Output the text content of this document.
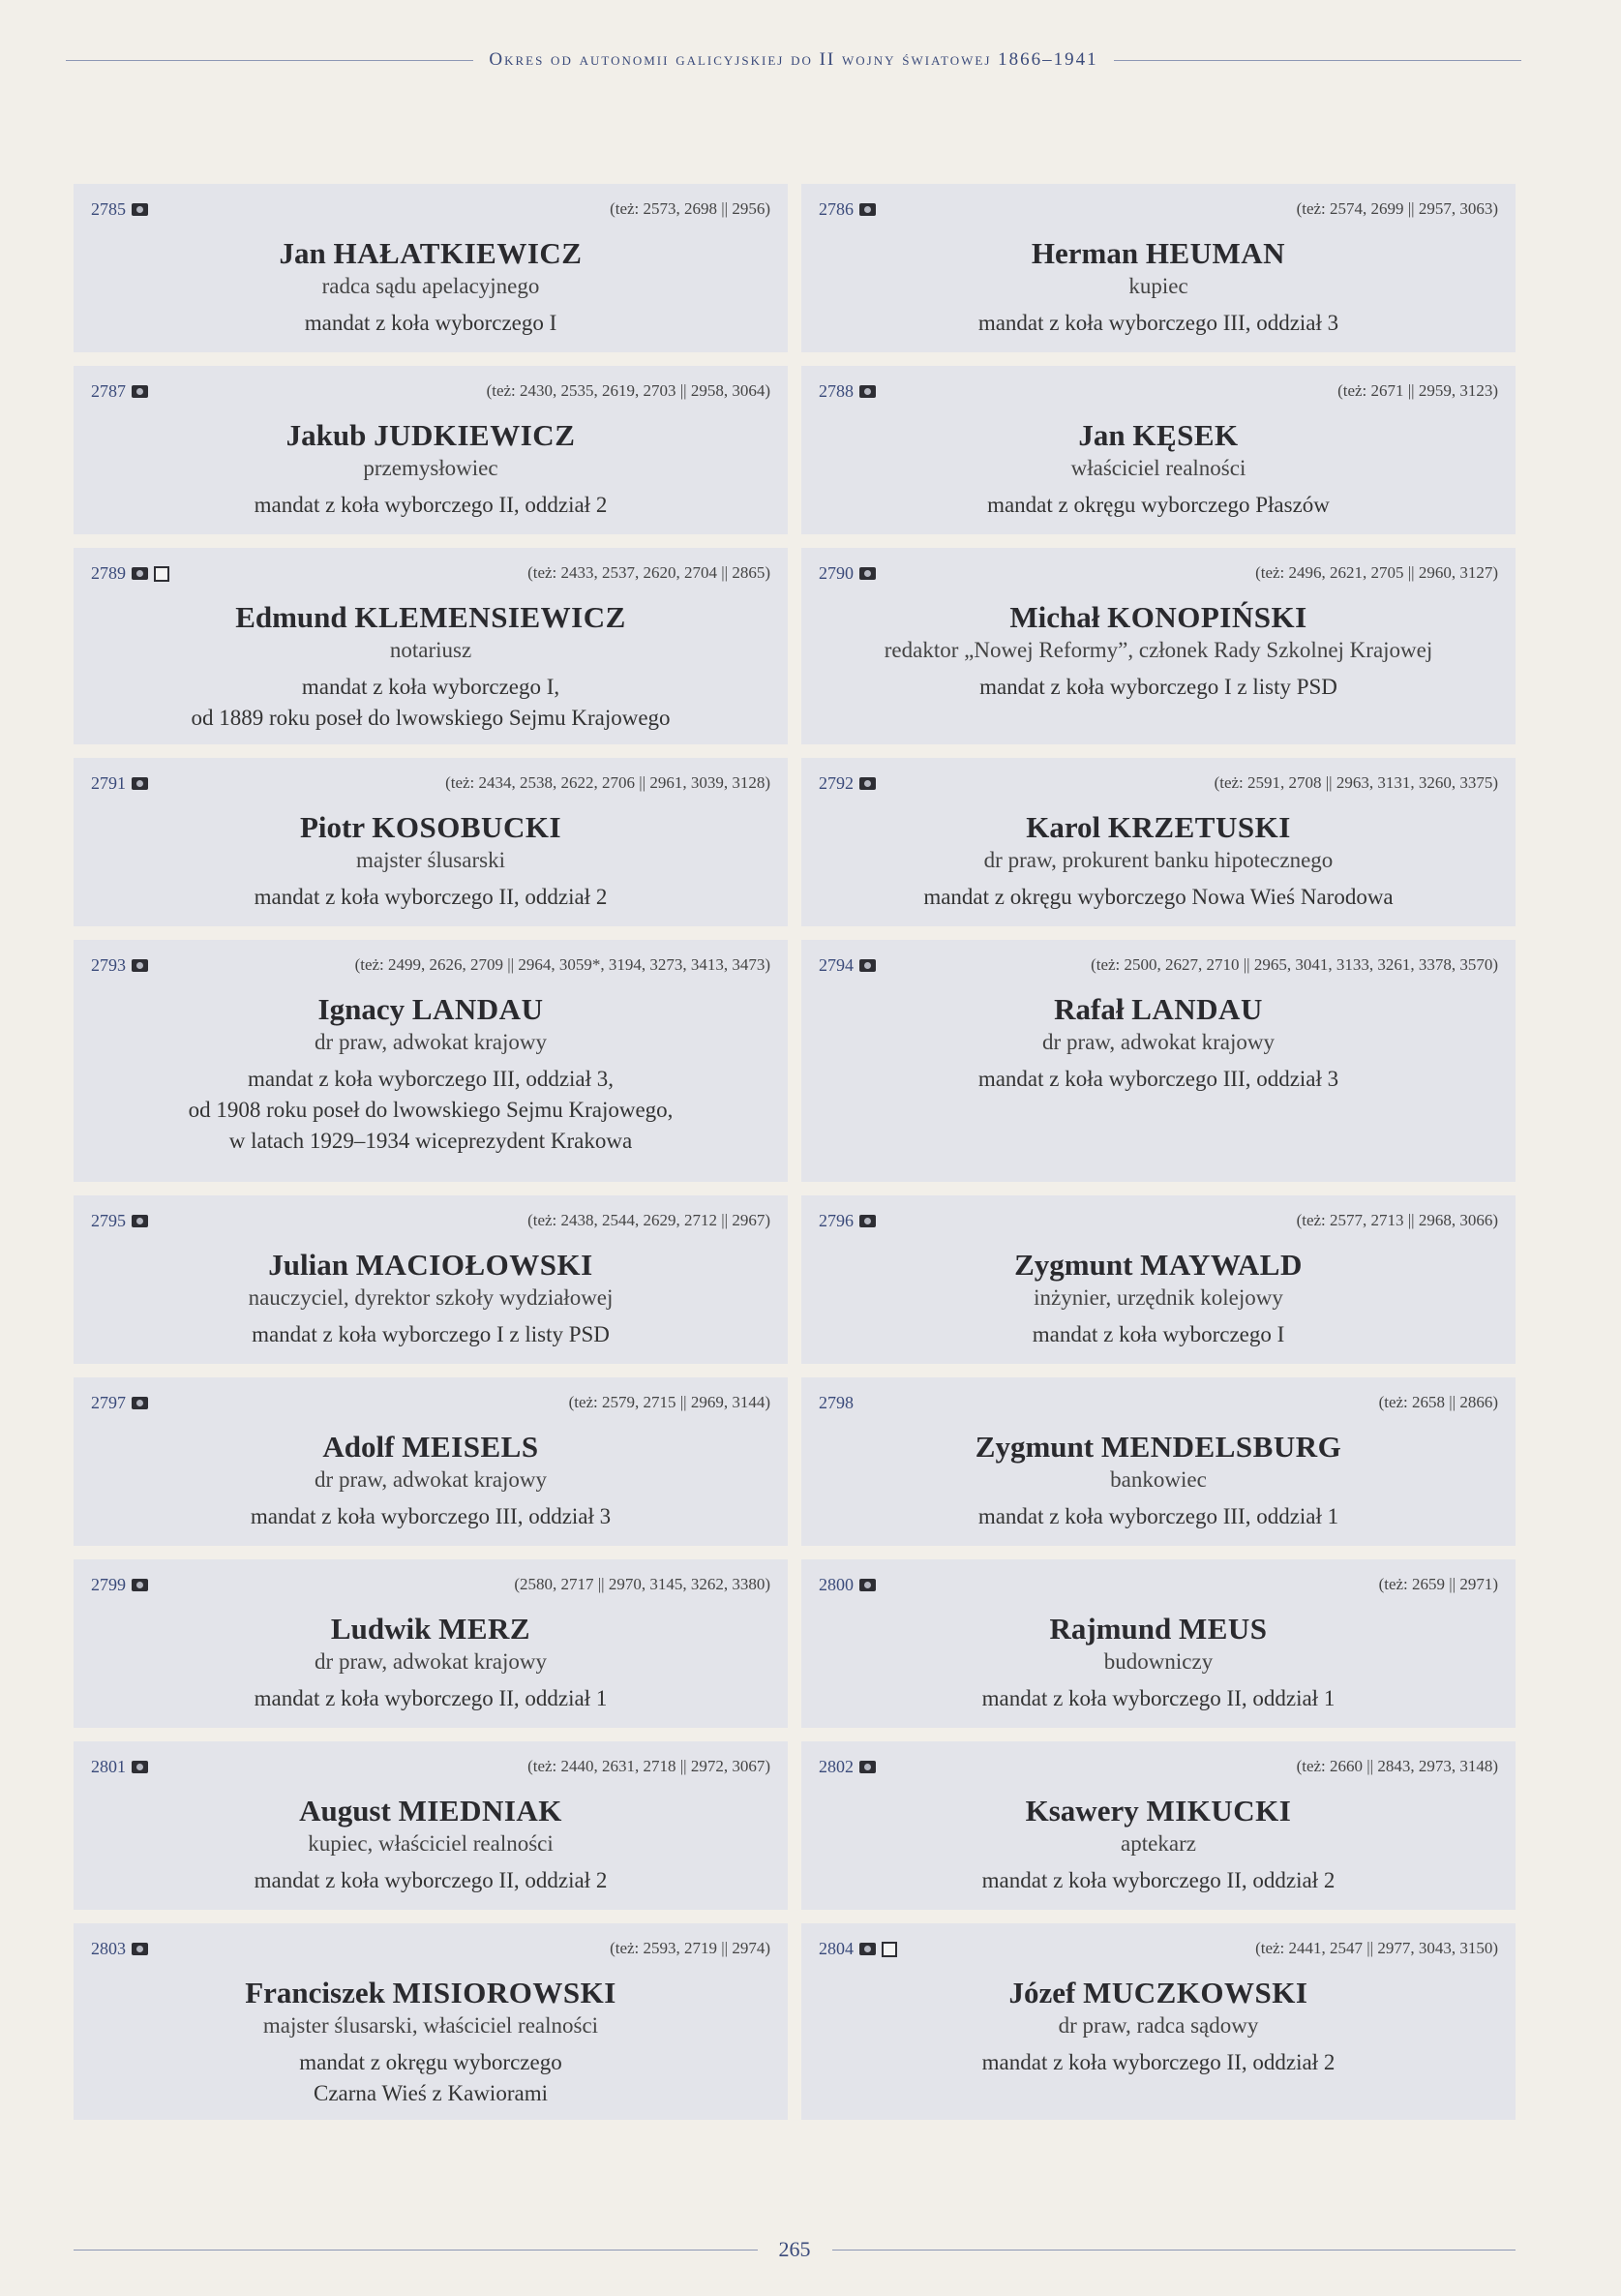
Okres od autonomii galicyjskiej do II wojny światowej 1866–1941
2785	(też: 2573, 2698 || 2956)
Jan HAŁATKIEWICZ
radca sądu apelacyjnego
mandat z koła wyborczego I
2786	(też: 2574, 2699 || 2957, 3063)
Herman HEUMAN
kupiec
mandat z koła wyborczego III, oddział 3
2787	(też: 2430, 2535, 2619, 2703 || 2958, 3064)
Jakub JUDKIEWICZ
przemysłowiec
mandat z koła wyborczego II, oddział 2
2788	(też: 2671 || 2959, 3123)
Jan KĘSEK
właściciel realności
mandat z okręgu wyborczego Płaszów
2789	(też: 2433, 2537, 2620, 2704 || 2865)
Edmund KLEMENSIEWICZ
notariusz
mandat z koła wyborczego I,
od 1889 roku poseł do lwowskiego Sejmu Krajowego
2790	(też: 2496, 2621, 2705 || 2960, 3127)
Michał KONOPIŃSKI
redaktor „Nowej Reformy”, członek Rady Szkolnej Krajowej
mandat z koła wyborczego I z listy PSD
2791	(też: 2434, 2538, 2622, 2706 || 2961, 3039, 3128)
Piotr KOSOBUCKI
majster ślusarski
mandat z koła wyborczego II, oddział 2
2792	(też: 2591, 2708 || 2963, 3131, 3260, 3375)
Karol KRZETUSKI
dr praw, prokurent banku hipotecznego
mandat z okręgu wyborczego Nowa Wieś Narodowa
2793	(też: 2499, 2626, 2709 || 2964, 3059*, 3194, 3273, 3413, 3473)
Ignacy LANDAU
dr praw, adwokat krajowy
mandat z koła wyborczego III, oddział 3,
od 1908 roku poseł do lwowskiego Sejmu Krajowego,
w latach 1929–1934 wiceprezydent Krakowa
2794	(też: 2500, 2627, 2710 || 2965, 3041, 3133, 3261, 3378, 3570)
Rafał LANDAU
dr praw, adwokat krajowy
mandat z koła wyborczego III, oddział 3
2795	(też: 2438, 2544, 2629, 2712 || 2967)
Julian MACIOŁOWSKI
nauczyciel, dyrektor szkoły wydziałowej
mandat z koła wyborczego I z listy PSD
2796	(też: 2577, 2713 || 2968, 3066)
Zygmunt MAYWALD
inżynier, urzędnik kolejowy
mandat z koła wyborczego I
2797	(też: 2579, 2715 || 2969, 3144)
Adolf MEISELS
dr praw, adwokat krajowy
mandat z koła wyborczego III, oddział 3
2798	(też: 2658 || 2866)
Zygmunt MENDELSBURG
bankowiec
mandat z koła wyborczego III, oddział 1
2799	(2580, 2717 || 2970, 3145, 3262, 3380)
Ludwik MERZ
dr praw, adwokat krajowy
mandat z koła wyborczego II, oddział 1
2800	(też: 2659 || 2971)
Rajmund MEUS
budowniczy
mandat z koła wyborczego II, oddział 1
2801	(też: 2440, 2631, 2718 || 2972, 3067)
August MIEDNIAK
kupiec, właściciel realności
mandat z koła wyborczego II, oddział 2
2802	(też: 2660 || 2843, 2973, 3148)
Ksawery MIKUCKI
aptekarz
mandat z koła wyborczego II, oddział 2
2803	(też: 2593, 2719 || 2974)
Franciszek MISIOROWSKI
majster ślusarski, właściciel realności
mandat z okręgu wyborczego
Czarna Wieś z Kawiorami
2804	(też: 2441, 2547 || 2977, 3043, 3150)
Józef MUCZKOWSKI
dr praw, radca sądowy
mandat z koła wyborczego II, oddział 2
265
